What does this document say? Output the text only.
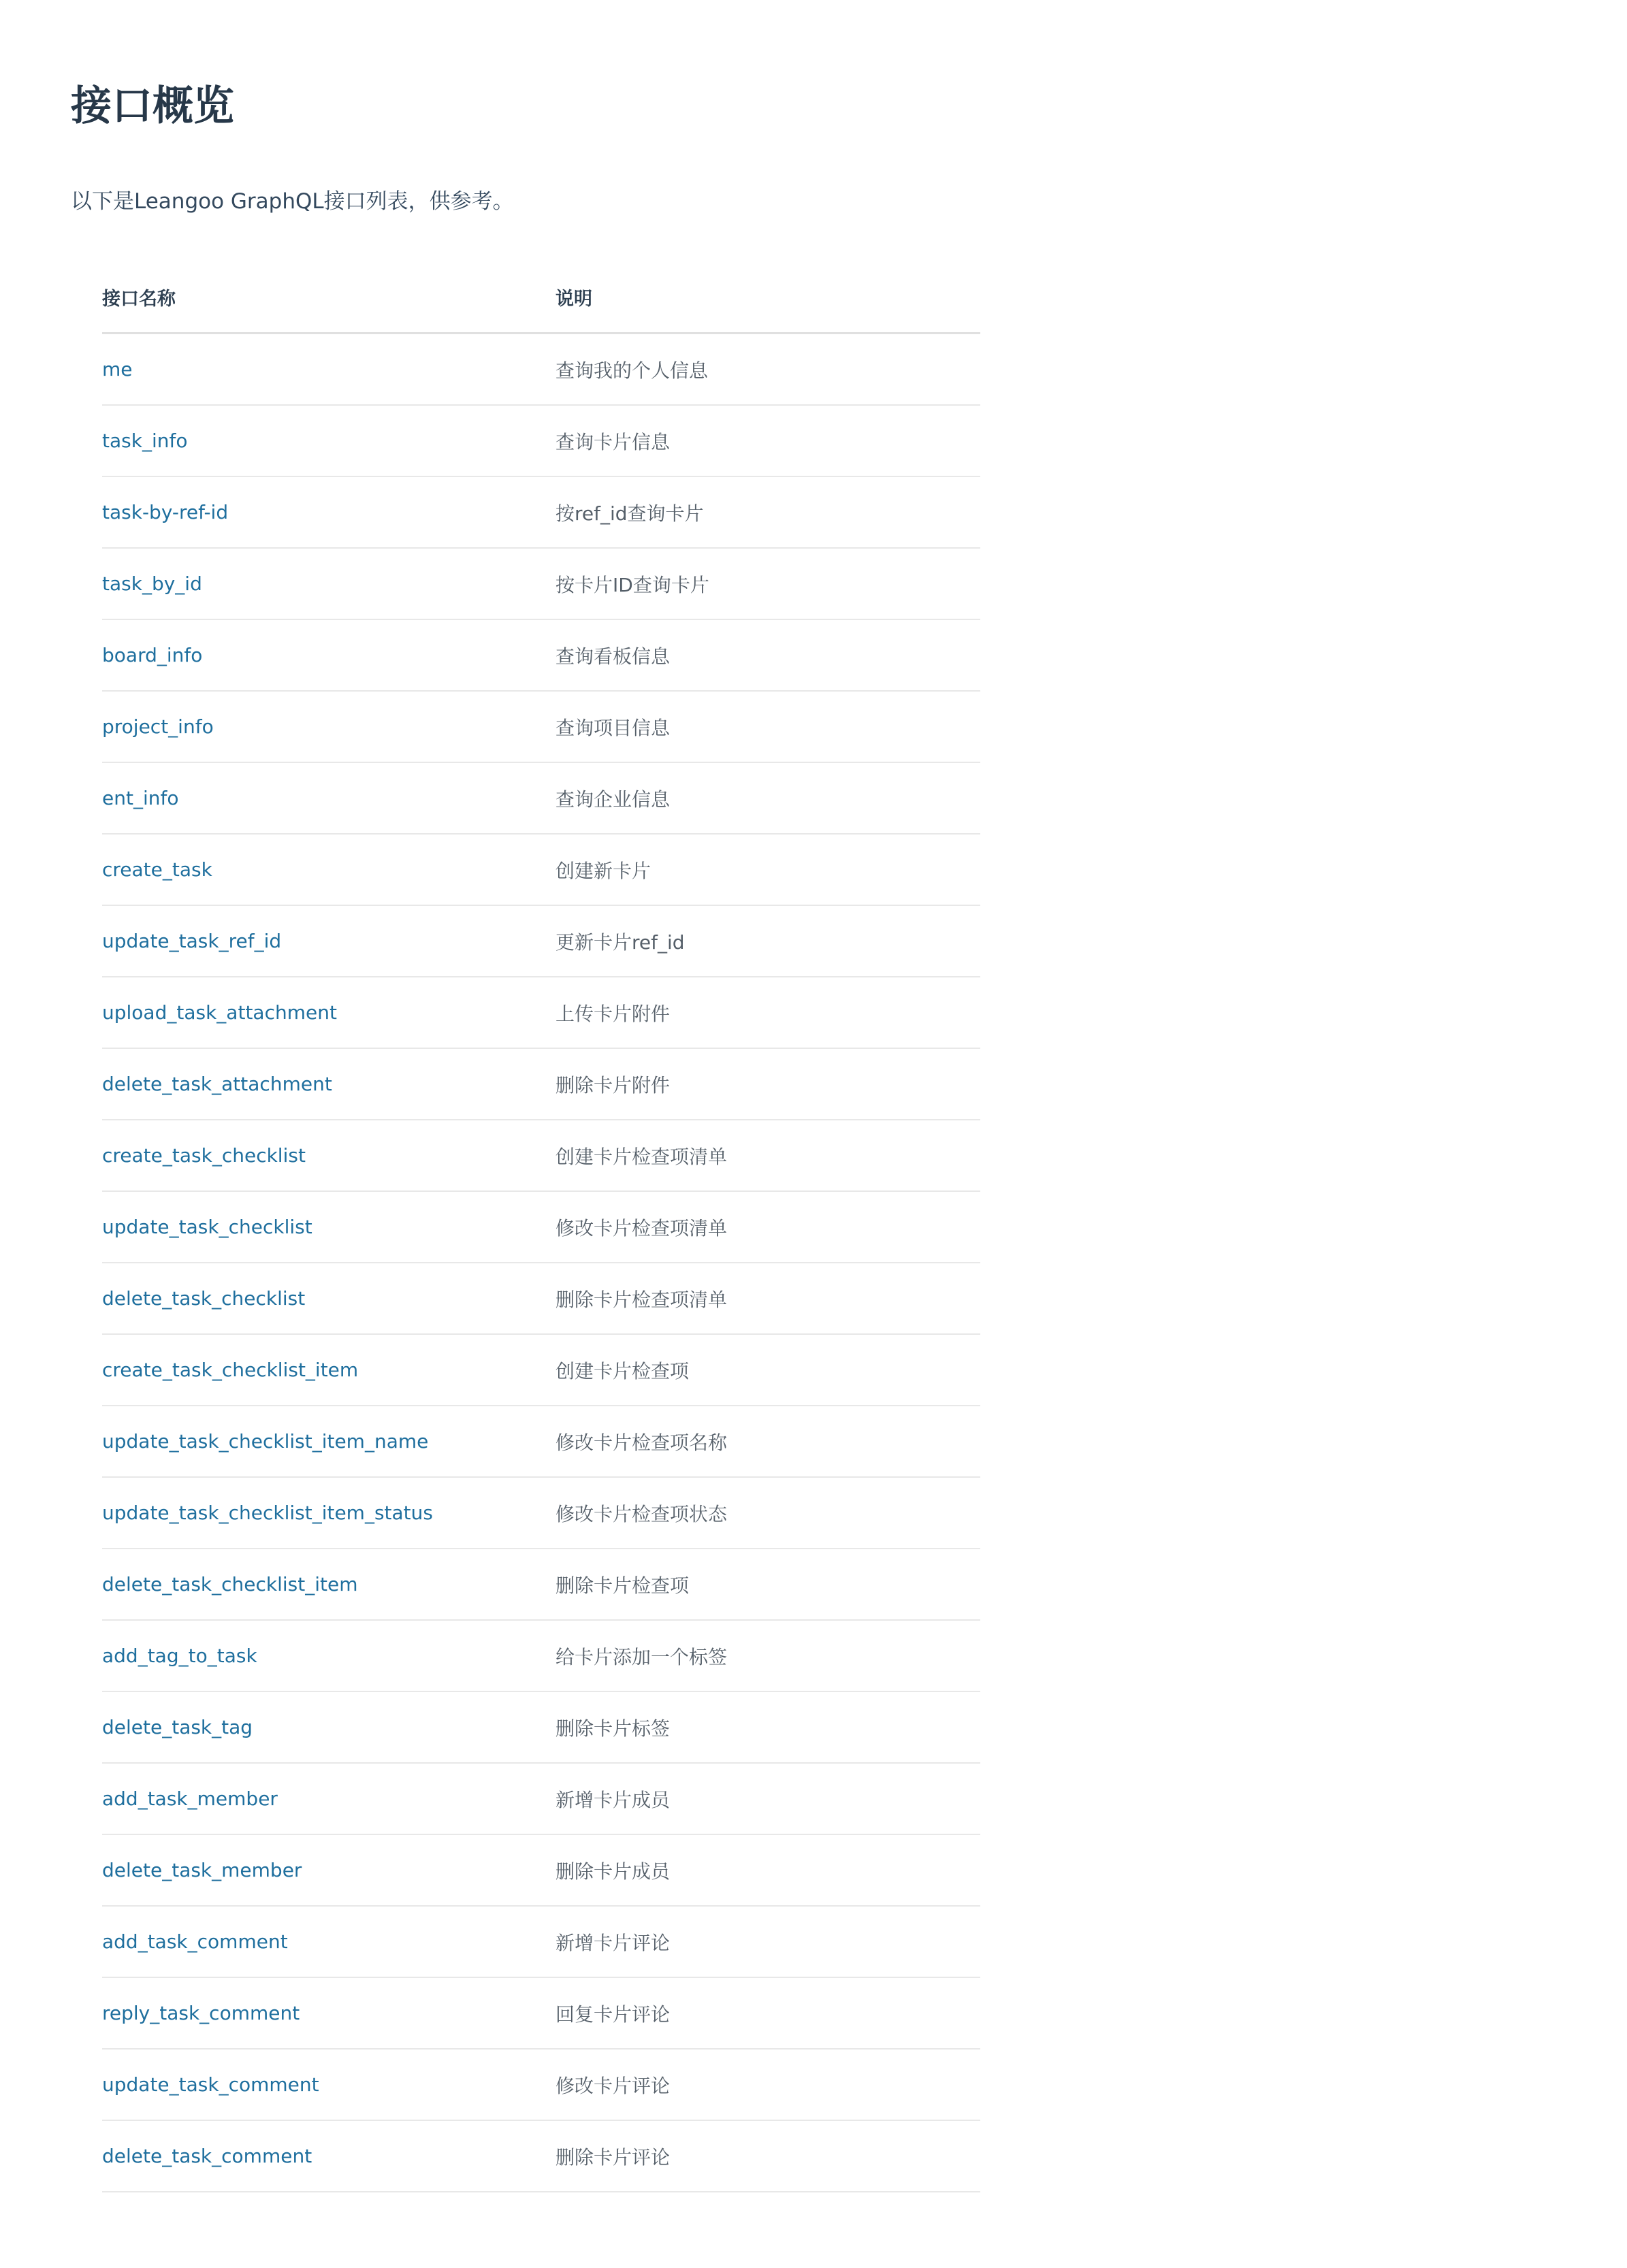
接口概览

以下是Leangoo GraphQL接口列表，供参考。

接口名称	说明
me	查询我的个人信息
task_info	查询卡片信息
task-by-ref-id	按ref_id查询卡片
task_by_id	按卡片ID查询卡片
board_info	查询看板信息
project_info	查询项目信息
ent_info	查询企业信息
create_task	创建新卡片
update_task_ref_id	更新卡片ref_id
upload_task_attachment	上传卡片附件
delete_task_attachment	删除卡片附件
create_task_checklist	创建卡片检查项清单
update_task_checklist	修改卡片检查项清单
delete_task_checklist	删除卡片检查项清单
create_task_checklist_item	创建卡片检查项
update_task_checklist_item_name	修改卡片检查项名称
update_task_checklist_item_status	修改卡片检查项状态
delete_task_checklist_item	删除卡片检查项
add_tag_to_task	给卡片添加一个标签
delete_task_tag	删除卡片标签
add_task_member	新增卡片成员
delete_task_member	删除卡片成员
add_task_comment	新增卡片评论
reply_task_comment	回复卡片评论
update_task_comment	修改卡片评论
delete_task_comment	删除卡片评论
